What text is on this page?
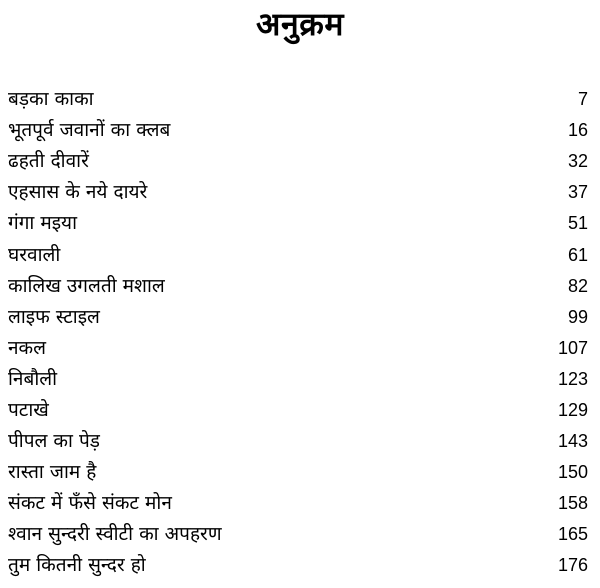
अनुक्रम
बड़का काका	7
भूतपूर्व जवानों का क्लब	16
ढहती दीवारें	32
एहसास के नये दायरे	37
गंगा मइया	51
घरवाली	61
कालिख उगलती मशाल	82
लाइफ स्टाइल	99
नकल	107
निबौली	123
पटाखे	129
पीपल का पेड़	143
रास्ता जाम है	150
संकट में फँसे संकट मोन	158
श्वान सुन्दरी स्वीटी का अपहरण	165
तुम कितनी सुन्दर हो	176
